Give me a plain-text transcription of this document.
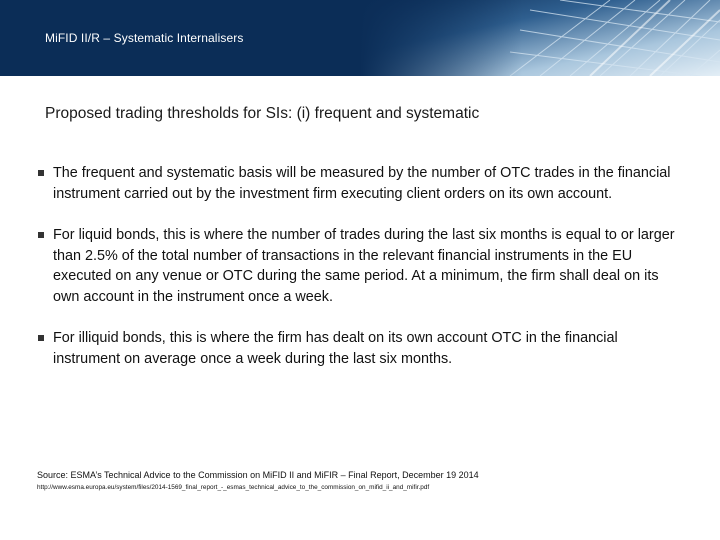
MiFID II/R – Systematic Internalisers
Proposed trading thresholds for SIs: (i) frequent and systematic
The frequent and systematic basis will be measured by the number of OTC trades in the financial instrument carried out by the investment firm executing client orders on its own account.
For liquid bonds, this is where the number of trades during the last six months is equal to or larger than 2.5% of the total number of transactions in the relevant financial instruments in the EU executed on any venue or OTC during the same period. At a minimum, the firm shall deal on its own account in the instrument once a week.
For illiquid bonds, this is where the firm has dealt on its own account OTC in the financial instrument on average once a week during the last six months.
Source: ESMA’s Technical Advice to the Commission on MiFID II and MiFIR – Final Report, December 19 2014
http://www.esma.europa.eu/system/files/2014-1569_final_report_-_esmas_technical_advice_to_the_commission_on_mifid_ii_and_mifir.pdf
